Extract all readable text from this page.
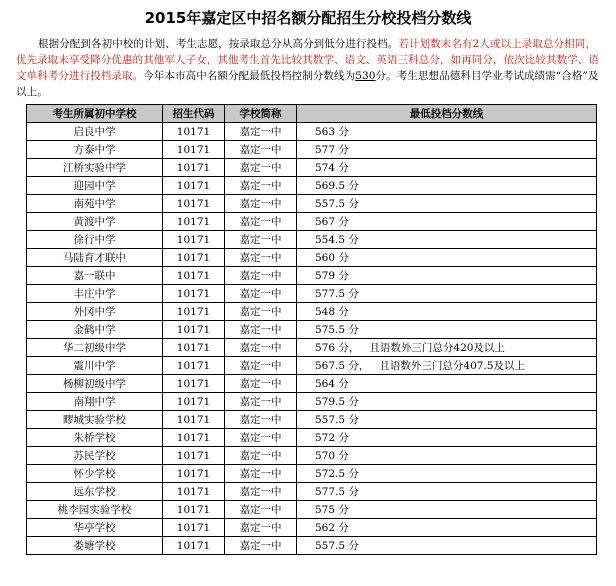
2015年嘉定区中招名额分配招生分校投档分数线

根据分配到各初中校的计划、考生志愿，按录取总分从高分到低分进行投档。若计划数末名有2人或以上录取总分相同，优先录取未享受降分优惠的其他军人子女，其他考生首先比较其数学、语文、英语三科总分，如再同分，依次比较其数学、语文单科考分进行投档录取。今年本市高中名额分配最低投档控制分数线为530分。考生思想品德科目学业考试成绩需“合格”及以上。

考生所属初中学校	招生代码	学校简称	最低投档分数线
启良中学	10171	嘉定一中	563 分
方泰中学	10171	嘉定一中	577 分
江桥实验中学	10171	嘉定一中	574 分
迎园中学	10171	嘉定一中	569.5 分
南苑中学	10171	嘉定一中	557.5 分
黄渡中学	10171	嘉定一中	567 分
徐行中学	10171	嘉定一中	554.5 分
马陆育才联中	10171	嘉定一中	560 分
嘉一联中	10171	嘉定一中	579 分
丰庄中学	10171	嘉定一中	577.5 分
外冈中学	10171	嘉定一中	548 分
金鹤中学	10171	嘉定一中	575.5 分
华二初级中学	10171	嘉定一中	576 分， 且语数外三门总分420及以上
震川中学	10171	嘉定一中	567.5 分， 且语数外三门总分407.5及以上
杨柳初级中学	10171	嘉定一中	564 分
南翔中学	10171	嘉定一中	579.5 分
疁城实验学校	10171	嘉定一中	557.5 分
朱桥学校	10171	嘉定一中	572 分
苏民学校	10171	嘉定一中	570 分
怀少学校	10171	嘉定一中	572.5 分
远东学校	10171	嘉定一中	577.5 分
桃李园实验学校	10171	嘉定一中	575 分
华亭学校	10171	嘉定一中	562 分
娄塘学校	10171	嘉定一中	557.5 分
